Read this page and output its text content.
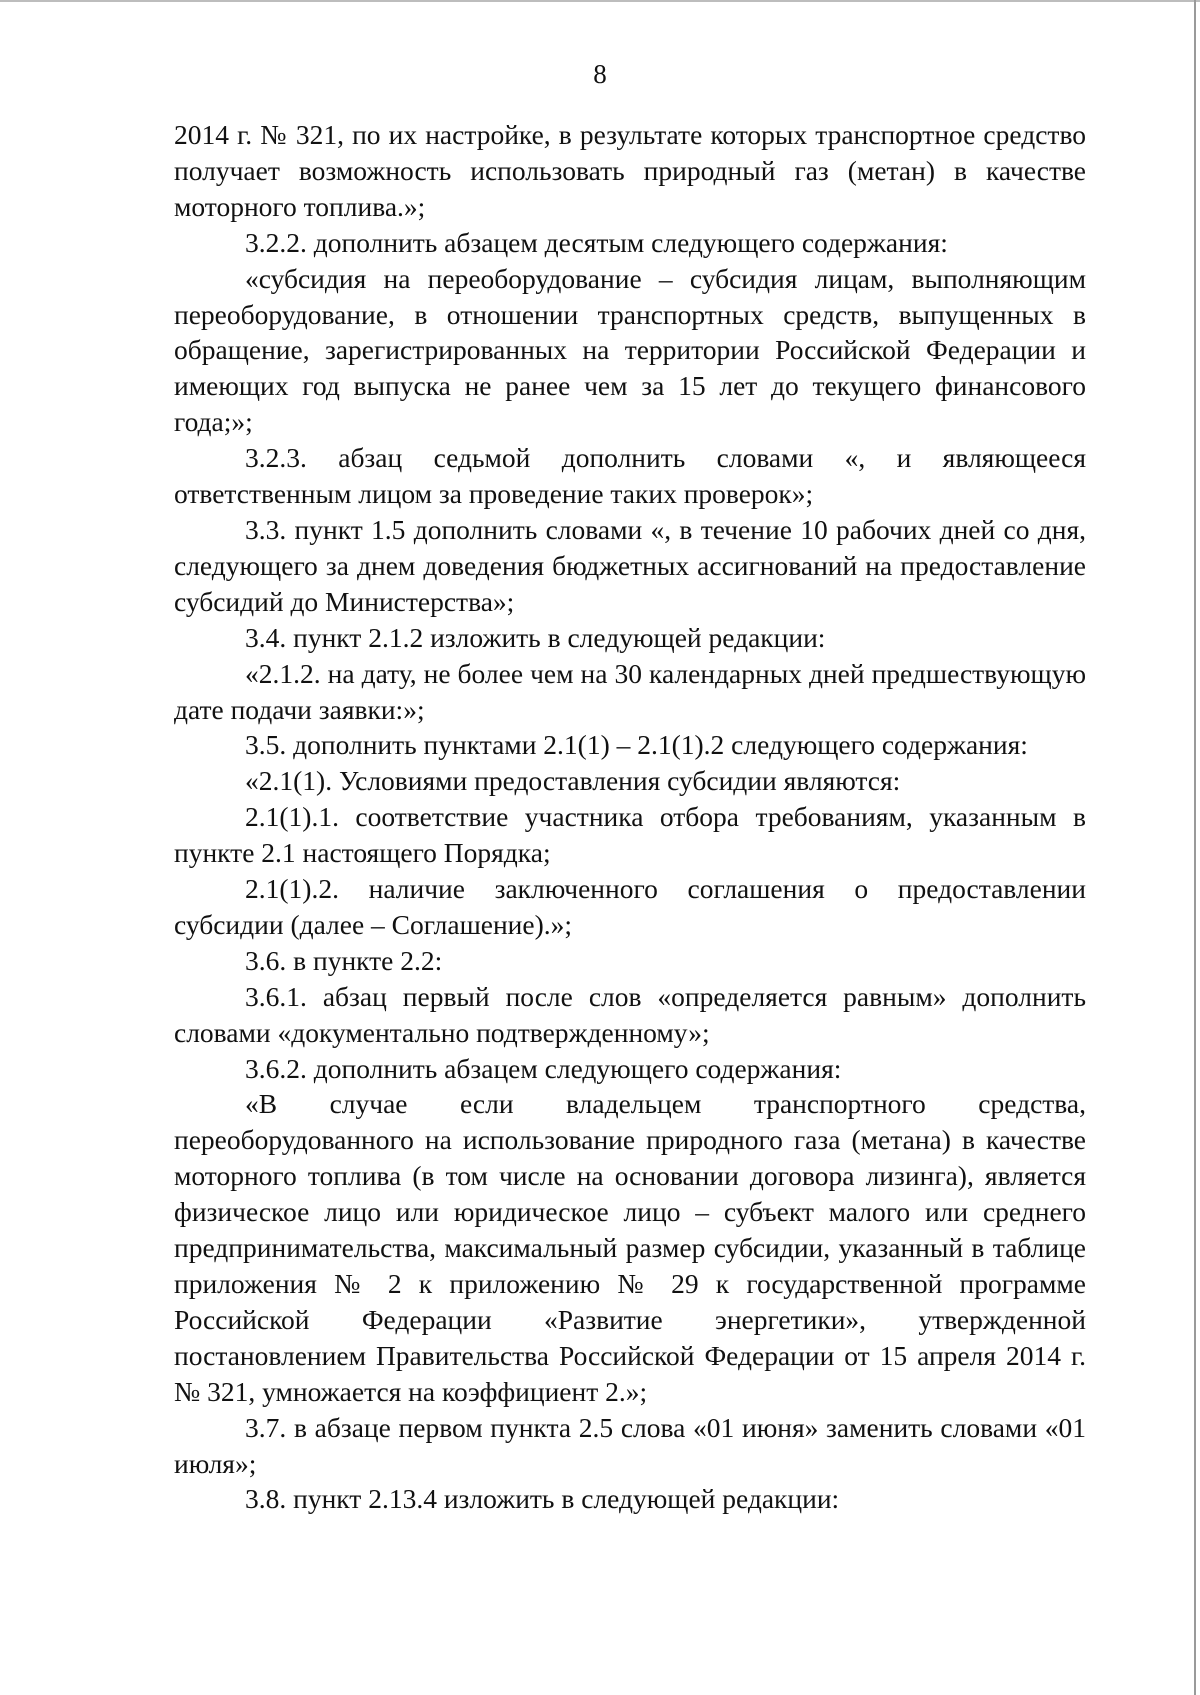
8

2014 г. № 321, по их настройке, в результате которых транспортное средство получает возможность использовать природный газ (метан) в качестве моторного топлива.»;

3.2.2. дополнить абзацем десятым следующего содержания:

«субсидия на переоборудование – субсидия лицам, выполняющим переоборудование, в отношении транспортных средств, выпущенных в обращение, зарегистрированных на территории Российской Федерации и имеющих год выпуска не ранее чем за 15 лет до текущего финансового года;»;

3.2.3. абзац седьмой дополнить словами «, и являющееся ответственным лицом за проведение таких проверок»;

3.3. пункт 1.5 дополнить словами «, в течение 10 рабочих дней со дня, следующего за днем доведения бюджетных ассигнований на предоставление субсидий до Министерства»;

3.4. пункт 2.1.2 изложить в следующей редакции:

«2.1.2. на дату, не более чем на 30 календарных дней предшествующую дате подачи заявки:»;

3.5. дополнить пунктами 2.1(1) – 2.1(1).2 следующего содержания:

«2.1(1). Условиями предоставления субсидии являются:

2.1(1).1. соответствие участника отбора требованиям, указанным в пункте 2.1 настоящего Порядка;

2.1(1).2. наличие заключенного соглашения о предоставлении субсидии (далее – Соглашение).»;

3.6. в пункте 2.2:

3.6.1. абзац первый после слов «определяется равным» дополнить словами «документально подтвержденному»;

3.6.2. дополнить абзацем следующего содержания:

«В случае если владельцем транспортного средства, переоборудованного на использование природного газа (метана) в качестве моторного топлива (в том числе на основании договора лизинга), является физическое лицо или юридическое лицо – субъект малого или среднего предпринимательства, максимальный размер субсидии, указанный в таблице приложения № 2 к приложению № 29 к государственной программе Российской Федерации «Развитие энергетики», утвержденной постановлением Правительства Российской Федерации от 15 апреля 2014 г. № 321, умножается на коэффициент 2.»;

3.7. в абзаце первом пункта 2.5 слова «01 июня» заменить словами «01 июля»;

3.8. пункт 2.13.4 изложить в следующей редакции:
